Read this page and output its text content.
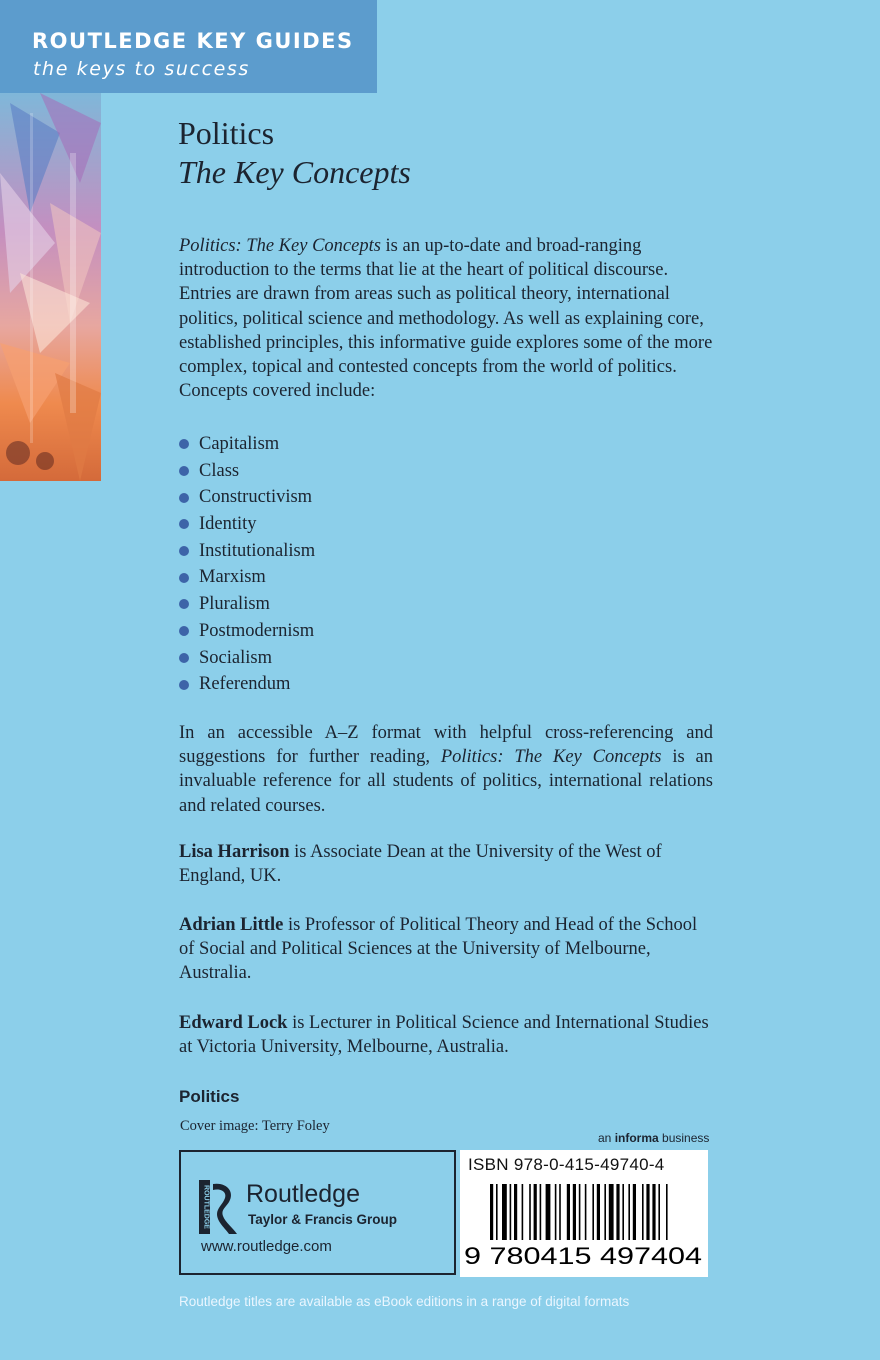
ROUTLEDGE KEY GUIDES
the keys to success
Politics
The Key Concepts
Politics: The Key Concepts is an up-to-date and broad-ranging introduction to the terms that lie at the heart of political discourse. Entries are drawn from areas such as political theory, international politics, political science and methodology. As well as explaining core, established principles, this informative guide explores some of the more complex, topical and contested concepts from the world of politics. Concepts covered include:
Capitalism
Class
Constructivism
Identity
Institutionalism
Marxism
Pluralism
Postmodernism
Socialism
Referendum
In an accessible A–Z format with helpful cross-referencing and suggestions for further reading, Politics: The Key Concepts is an invaluable reference for all students of politics, international relations and related courses.
Lisa Harrison is Associate Dean at the University of the West of England, UK.
Adrian Little is Professor of Political Theory and Head of the School of Social and Political Sciences at the University of Melbourne, Australia.
Edward Lock is Lecturer in Political Science and International Studies at Victoria University, Melbourne, Australia.
Politics
Cover image: Terry Foley
an informa business
ROUTLEDGE Routledge
Taylor & Francis Group
www.routledge.com
ISBN 978-0-415-49740-4
9 780415 497404
Routledge titles are available as eBook editions in a range of digital formats
